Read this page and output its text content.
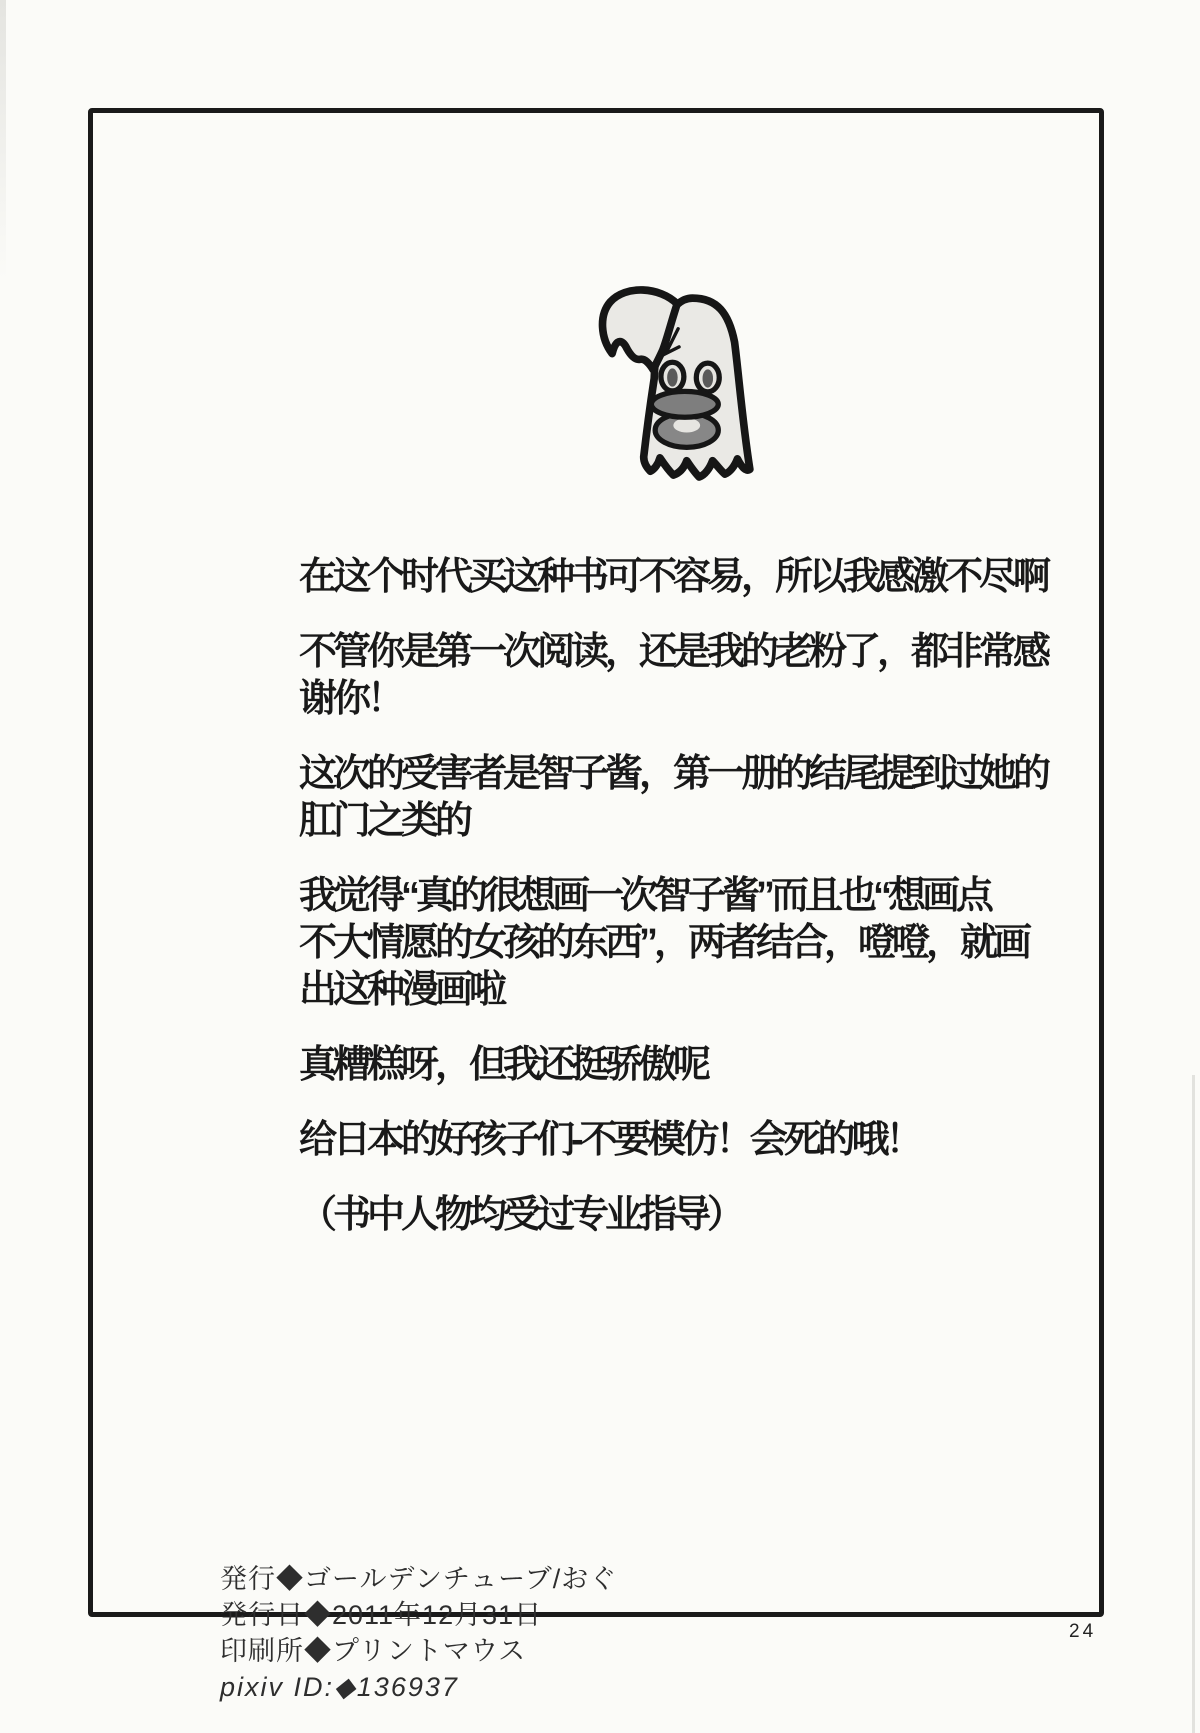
在这个时代买这种书可不容易，所以我感激不尽啊
不管你是第一次阅读，还是我的老粉了，都非常感
谢你！
这次的受害者是智子酱，第一册的结尾提到过她的
肛门之类的
我觉得“真的很想画一次智子酱”而且也“想画点
不大情愿的女孩的东西”，两者结合，噔噔，就画
出这种漫画啦
真糟糕呀，但我还挺骄傲呢
给日本的好孩子们-不要模仿！会死的哦！
（书中人物均受过专业指导）
発行◆ゴールデンチューブ/おぐ
発行日◆2011年12月31日
印刷所◆プリントマウス
pixiv ID:◆136937
24
